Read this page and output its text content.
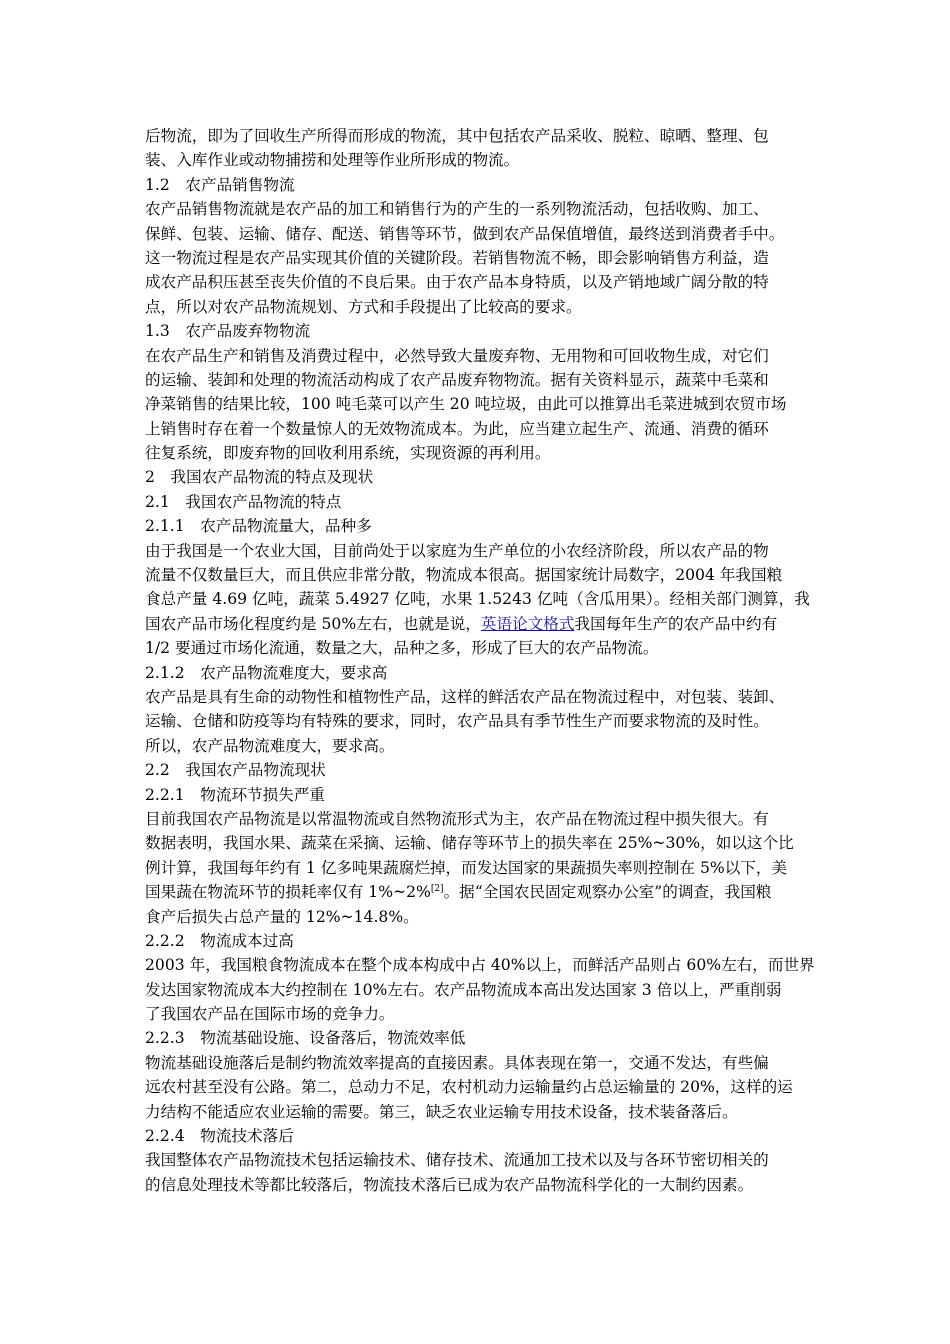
后物流，即为了回收生产所得而形成的物流，其中包括农产品采收、脱粒、晾晒、整理、包
装、入库作业或动物捕捞和处理等作业所形成的物流。
1.2　农产品销售物流
农产品销售物流就是农产品的加工和销售行为的产生的一系列物流活动，包括收购、加工、
保鲜、包装、运输、储存、配送、销售等环节，做到农产品保值增值，最终送到消费者手中。
这一物流过程是农产品实现其价值的关键阶段。若销售物流不畅，即会影响销售方利益，造
成农产品积压甚至丧失价值的不良后果。由于农产品本身特质，以及产销地域广阔分散的特
点，所以对农产品物流规划、方式和手段提出了比较高的要求。
1.3　农产品废弃物物流
在农产品生产和销售及消费过程中，必然导致大量废弃物、无用物和可回收物生成，对它们
的运输、装卸和处理的物流活动构成了农产品废弃物物流。据有关资料显示，蔬菜中毛菜和
净菜销售的结果比较，100 吨毛菜可以产生 20 吨垃圾，由此可以推算出毛菜进城到农贸市场
上销售时存在着一个数量惊人的无效物流成本。为此，应当建立起生产、流通、消费的循环
往复系统，即废弃物的回收利用系统，实现资源的再利用。
2　我国农产品物流的特点及现状
2.1　我国农产品物流的特点
2.1.1　农产品物流量大，品种多
由于我国是一个农业大国，目前尚处于以家庭为生产单位的小农经济阶段，所以农产品的物
流量不仅数量巨大，而且供应非常分散，物流成本很高。据国家统计局数字，2004 年我国粮
食总产量 4.69 亿吨，蔬菜 5.4927 亿吨，水果 1.5243 亿吨（含瓜用果）。经相关部门测算，我
国农产品市场化程度约是 50%左右，也就是说，英语论文格式我国每年生产的农产品中约有
1/2 要通过市场化流通，数量之大，品种之多，形成了巨大的农产品物流。
2.1.2　农产品物流难度大，要求高
农产品是具有生命的动物性和植物性产品，这样的鲜活农产品在物流过程中，对包装、装卸、
运输、仓储和防疫等均有特殊的要求，同时，农产品具有季节性生产而要求物流的及时性。
所以，农产品物流难度大，要求高。
2.2　我国农产品物流现状
2.2.1　物流环节损失严重
目前我国农产品物流是以常温物流或自然物流形式为主，农产品在物流过程中损失很大。有
数据表明，我国水果、蔬菜在采摘、运输、储存等环节上的损失率在 25%~30%，如以这个比
例计算，我国每年约有 1 亿多吨果蔬腐烂掉，而发达国家的果蔬损失率则控制在 5%以下，美
国果蔬在物流环节的损耗率仅有 1%~2%[2]。据“全国农民固定观察办公室”的调查，我国粮
食产后损失占总产量的 12%~14.8%。
2.2.2　物流成本过高
2003 年，我国粮食物流成本在整个成本构成中占 40%以上，而鲜活产品则占 60%左右，而世界
发达国家物流成本大约控制在 10%左右。农产品物流成本高出发达国家 3 倍以上，严重削弱
了我国农产品在国际市场的竞争力。
2.2.3　物流基础设施、设备落后，物流效率低
物流基础设施落后是制约物流效率提高的直接因素。具体表现在第一，交通不发达，有些偏
远农村甚至没有公路。第二，总动力不足，农村机动力运输量约占总运输量的 20%，这样的运
力结构不能适应农业运输的需要。第三，缺乏农业运输专用技术设备，技术装备落后。
2.2.4　物流技术落后
我国整体农产品物流技术包括运输技术、储存技术、流通加工技术以及与各环节密切相关的
的信息处理技术等都比较落后，物流技术落后已成为农产品物流科学化的一大制约因素。
